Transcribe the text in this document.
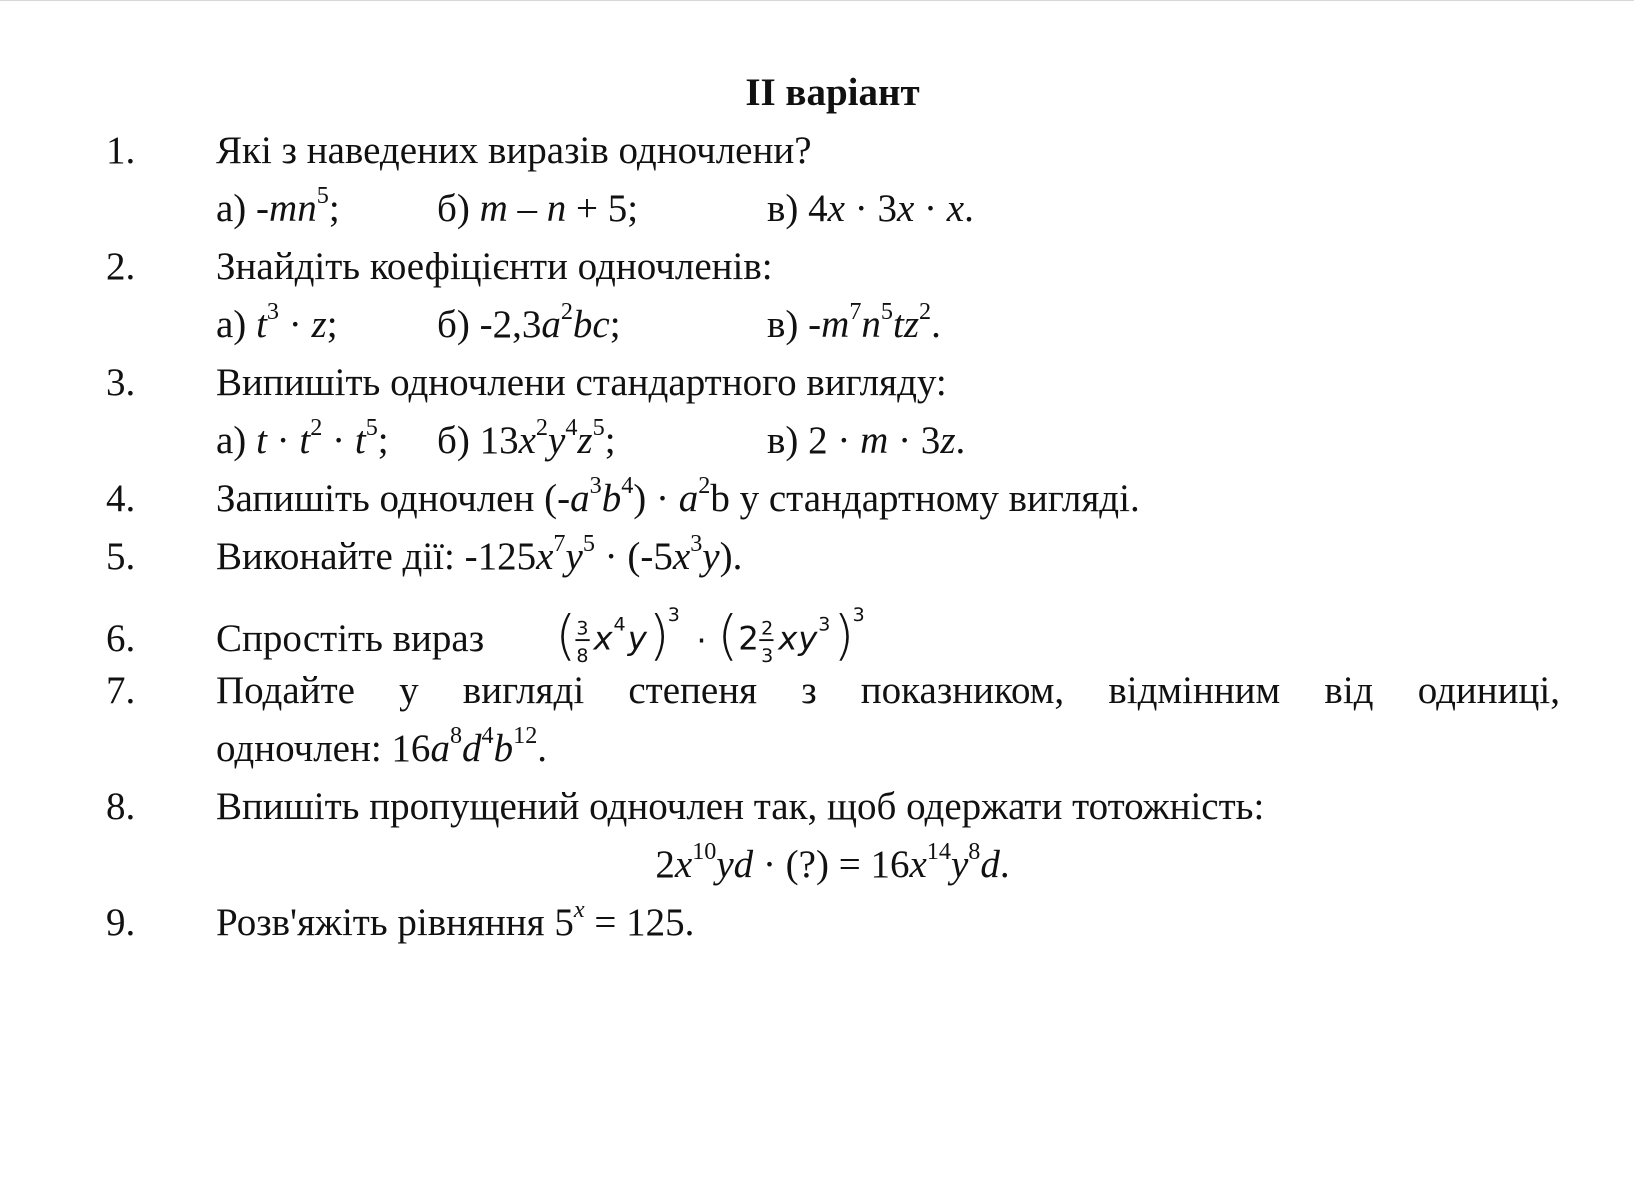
II варіант
1. Які з наведених виразів одночлени?
а) $-mn^5$; б) m – n + 5;	в) 4x · 3x · x.
2. Знайдіть коефіцієнти одночленів:
а) $t^3 \cdot z$;	б) $-2,3a^2bc$;	в) $-m^7n^5tz^2$.
3. Випишіть одночлени стандартного вигляду:
а) $t \cdot t^2 \cdot t^5$; б) $13x^2y^4z^5$;	в) 2 · m · 3z.
4. Запишіть одночлен $(-a^3b^4) \cdot a^2b$ у стандартному вигляді.
5. Виконайте дії: $-125x^7y^5 \cdot (-5x^3y)$.
6. Спростіть вираз ( 3
8 x 4 y )
3
· ( 2 2
3 x y 3 )
3
7. Подайте у вигляді степеня з показником, відмінним від одиниці,
одночлен: $16a^8d^4b^{12}$.
8. Впишіть пропущений одночлен так, щоб одержати тотожність:
$2x^{10}yd$ · (?) = $16x^{14}y^8d$.
9. Розв'яжіть рівняння $5^x = 125$.
